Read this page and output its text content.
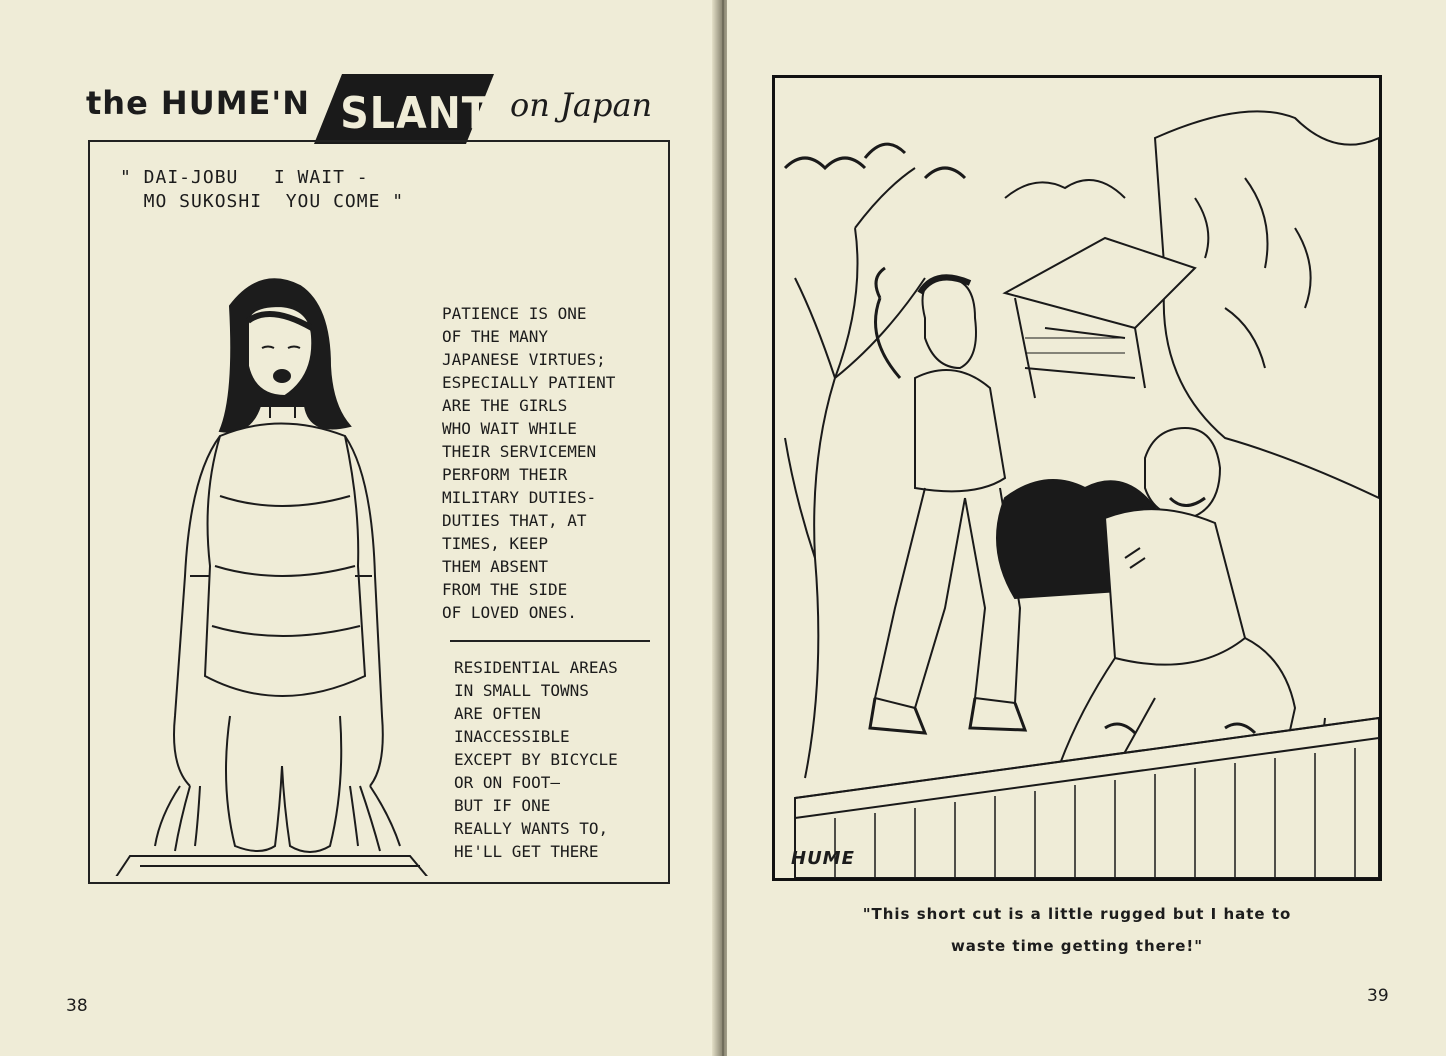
the HUME'N SLANT on Japan
" DAI-JOBU   I WAIT -
MO SUKOSHI  YOU COME "
PATIENCE IS ONE
OF THE MANY
JAPANESE VIRTUES;
ESPECIALLY PATIENT
ARE THE GIRLS
WHO WAIT WHILE
THEIR SERVICEMEN
PERFORM THEIR
MILITARY DUTIES-
DUTIES THAT, AT
TIMES, KEEP
THEM ABSENT
FROM THE SIDE
OF LOVED ONES.
RESIDENTIAL AREAS
IN SMALL TOWNS
ARE OFTEN
INACCESSIBLE
EXCEPT BY BICYCLE
OR ON FOOT—
BUT IF ONE
REALLY WANTS TO,
HE'LL GET THERE
38
HUME
"This short cut is a little rugged but I hate to
waste time getting there!"
39
